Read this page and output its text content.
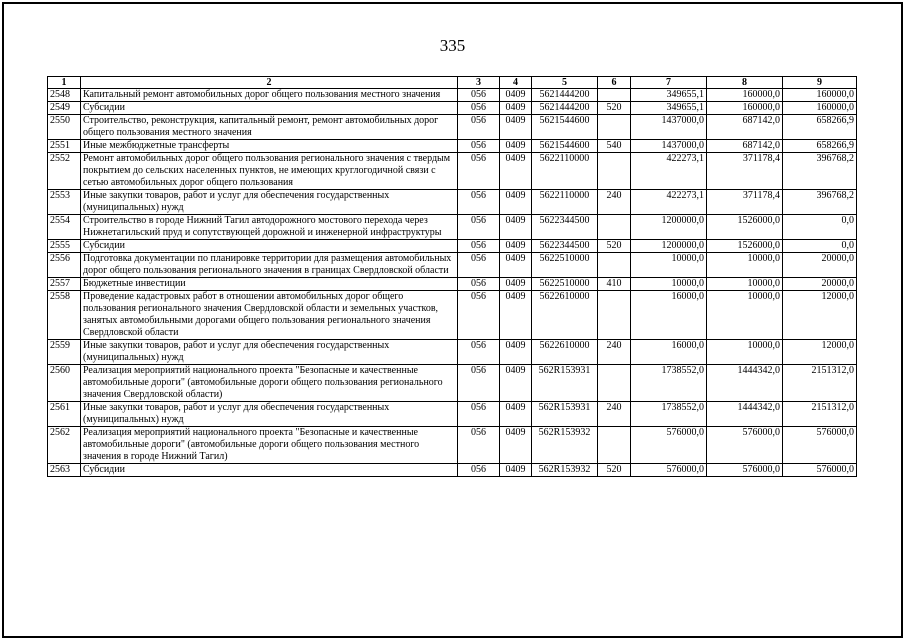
335
1	2	3	4	5	6	7	8	9
2548	Капитальный ремонт автомобильных дорог общего пользования местного значения	056	0409	5621444200		349655,1	160000,0	160000,0
2549	Субсидии	056	0409	5621444200	520	349655,1	160000,0	160000,0
2550	Строительство, реконструкция, капитальный ремонт, ремонт автомобильных дорог общего пользования местного значения	056	0409	5621544600		1437000,0	687142,0	658266,9
2551	Иные межбюджетные трансферты	056	0409	5621544600	540	1437000,0	687142,0	658266,9
2552	Ремонт автомобильных дорог общего пользования регионального значения с твердым покрытием до сельских населенных пунктов, не имеющих круглогодичной связи с сетью автомобильных дорог общего пользования	056	0409	5622110000		422273,1	371178,4	396768,2
2553	Иные закупки товаров, работ и услуг для обеспечения государственных (муниципальных) нужд	056	0409	5622110000	240	422273,1	371178,4	396768,2
2554	Строительство в городе Нижний Тагил автодорожного мостового перехода через Нижнетагильский пруд и сопутствующей дорожной и инженерной инфраструктуры	056	0409	5622344500		1200000,0	1526000,0	0,0
2555	Субсидии	056	0409	5622344500	520	1200000,0	1526000,0	0,0
2556	Подготовка документации по планировке территории для размещения автомобильных дорог общего пользования регионального значения в границах Свердловской области	056	0409	5622510000		10000,0	10000,0	20000,0
2557	Бюджетные инвестиции	056	0409	5622510000	410	10000,0	10000,0	20000,0
2558	Проведение кадастровых работ в отношении автомобильных дорог общего пользования регионального значения Свердловской области и земельных участков, занятых автомобильными дорогами общего пользования регионального значения Свердловской области	056	0409	5622610000		16000,0	10000,0	12000,0
2559	Иные закупки товаров, работ и услуг для обеспечения государственных (муниципальных) нужд	056	0409	5622610000	240	16000,0	10000,0	12000,0
2560	Реализация мероприятий национального проекта "Безопасные и качественные автомобильные дороги" (автомобильные дороги общего пользования регионального значения Свердловской области)	056	0409	562R153931		1738552,0	1444342,0	2151312,0
2561	Иные закупки товаров, работ и услуг для обеспечения государственных (муниципальных) нужд	056	0409	562R153931	240	1738552,0	1444342,0	2151312,0
2562	Реализация мероприятий национального проекта "Безопасные и качественные автомобильные дороги" (автомобильные дороги общего пользования местного значения в городе Нижний Тагил)	056	0409	562R153932		576000,0	576000,0	576000,0
2563	Субсидии	056	0409	562R153932	520	576000,0	576000,0	576000,0
